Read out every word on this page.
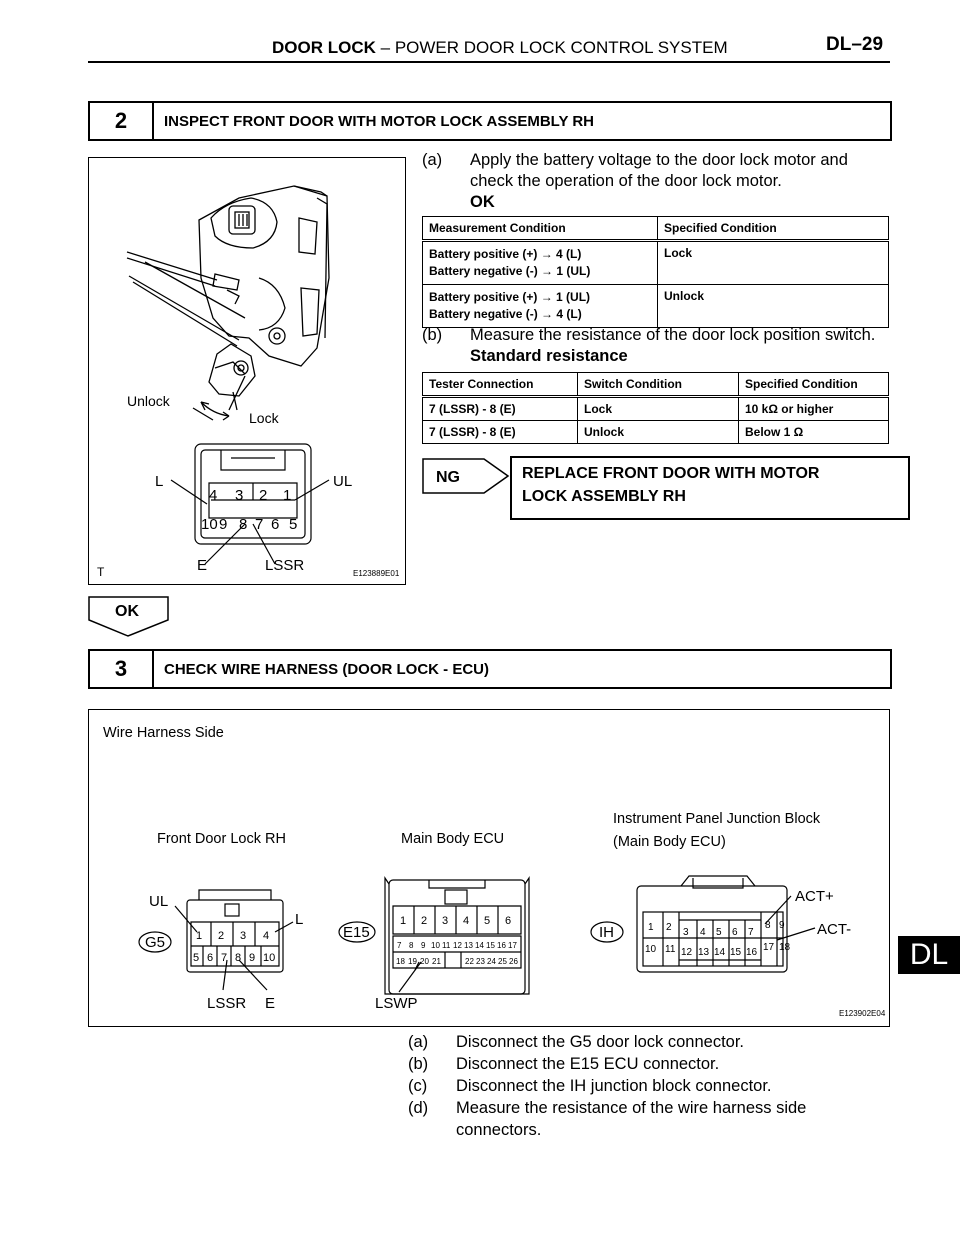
DOOR LOCK – POWER DOOR LOCK CONTROL SYSTEM	DL–29
2	INSPECT FRONT DOOR WITH MOTOR LOCK ASSEMBLY RH
Unlock
Lock
4 3 2 1
10 9 8 7 6 5
L	UL
E	LSSR
T	E123889E01
(a) Apply the battery voltage to the door lock motor and
check the operation of the door lock motor.
OK
Measurement Condition	Specified Condition

Battery positive (+) → 4 (L)
Battery negative (-) → 1 (UL)	Lock

Battery positive (+) → 1 (UL)
Battery negative (-) → 4 (L)	Unlock
(b) Measure the resistance of the door lock position switch.
Standard resistance
Tester Connection	Switch Condition	Specified Condition
7 (LSSR) - 8 (E)	Lock	10 kΩ or higher
7 (LSSR) - 8 (E)	Unlock	Below 1 Ω
NG	REPLACE FRONT DOOR WITH MOTOR
LOCK ASSEMBLY RH
OK
3	CHECK WIRE HARNESS (DOOR LOCK - ECU)
Wire Harness Side
Front Door Lock RH	Main Body ECU
Instrument Panel Junction Block
(Main Body ECU)
1 2 3 4
5 6 7 8 9 10
G5
UL
L
LSSR E
1 2 3 4 5 6
7 8 9 10 11 12 13 14 15 16 17
18 19 20 21	22 23 24 25 26
E15
LSWP
1 2 3 4 5 6 7
8 9
10 11 12 13 14 15 16 17 18
IH
ACT+
ACT-
E123902E04
(a) Disconnect the G5 door lock connector.
(b) Disconnect the E15 ECU connector.
(c) Disconnect the IH junction block connector.
(d) Measure the resistance of the wire harness side
connectors.
DL
